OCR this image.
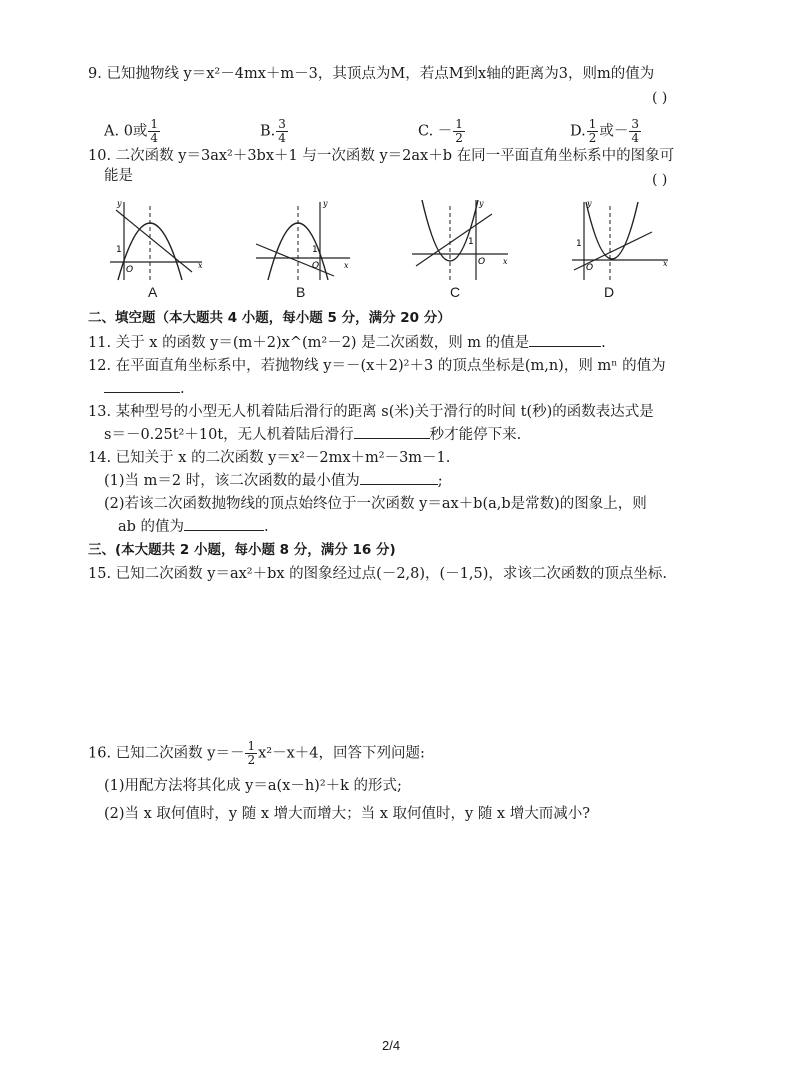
9. 已知抛物线 y＝x²－4mx＋m－3，其顶点为M，若点M到x轴的距离为3，则m的值为
( )
A. 0或 $\frac{1}{4}$	B. $\frac{3}{4}$	C. － $\frac{1}{2}$	D. $\frac{1}{2}$ 或－ $\frac{3}{4}$
10. 二次函数 y＝3ax²＋3bx＋1 与一次函数 y＝2ax＋b 在同一平面直角坐标系中的图象可
能是	( )
1
O	x
y
A
1
O	x
y
B
1
O x
y
C
1
O	x
y
D
二、填空题（本大题共 4 小题，每小题 5 分，满分 20 分）
11. 关于 x 的函数 y＝(m＋2)x^(m²－2) 是二次函数，则 m 的值是	.
12. 在平面直角坐标系中，若抛物线 y＝－(x＋2)²＋3 的顶点坐标是(m,n)，则 mⁿ 的值为
.
13. 某种型号的小型无人机着陆后滑行的距离 s(米)关于滑行的时间 t(秒)的函数表达式是
s＝－0.25t²＋10t，无人机着陆后滑行	秒才能停下来.
14. 已知关于 x 的二次函数 y＝x²－2mx＋m²－3m－1.
(1)当 m＝2 时，该二次函数的最小值为	;
(2)若该二次函数抛物线的顶点始终位于一次函数 y＝ax＋b(a,b是常数)的图象上，则
ab 的值为	.
三、(本大题共 2 小题，每小题 8 分，满分 16 分)
15. 已知二次函数 y＝ax²＋bx 的图象经过点(－2,8)，(－1,5)，求该二次函数的顶点坐标.
16. 已知二次函数 $y=- \frac{1}{2} x^2-x+4$，回答下列问题:
(1)用配方法将其化成 y＝a(x－h)²＋k 的形式;
(2)当 x 取何值时，y 随 x 增大而增大；当 x 取何值时，y 随 x 增大而减小?
2/4
